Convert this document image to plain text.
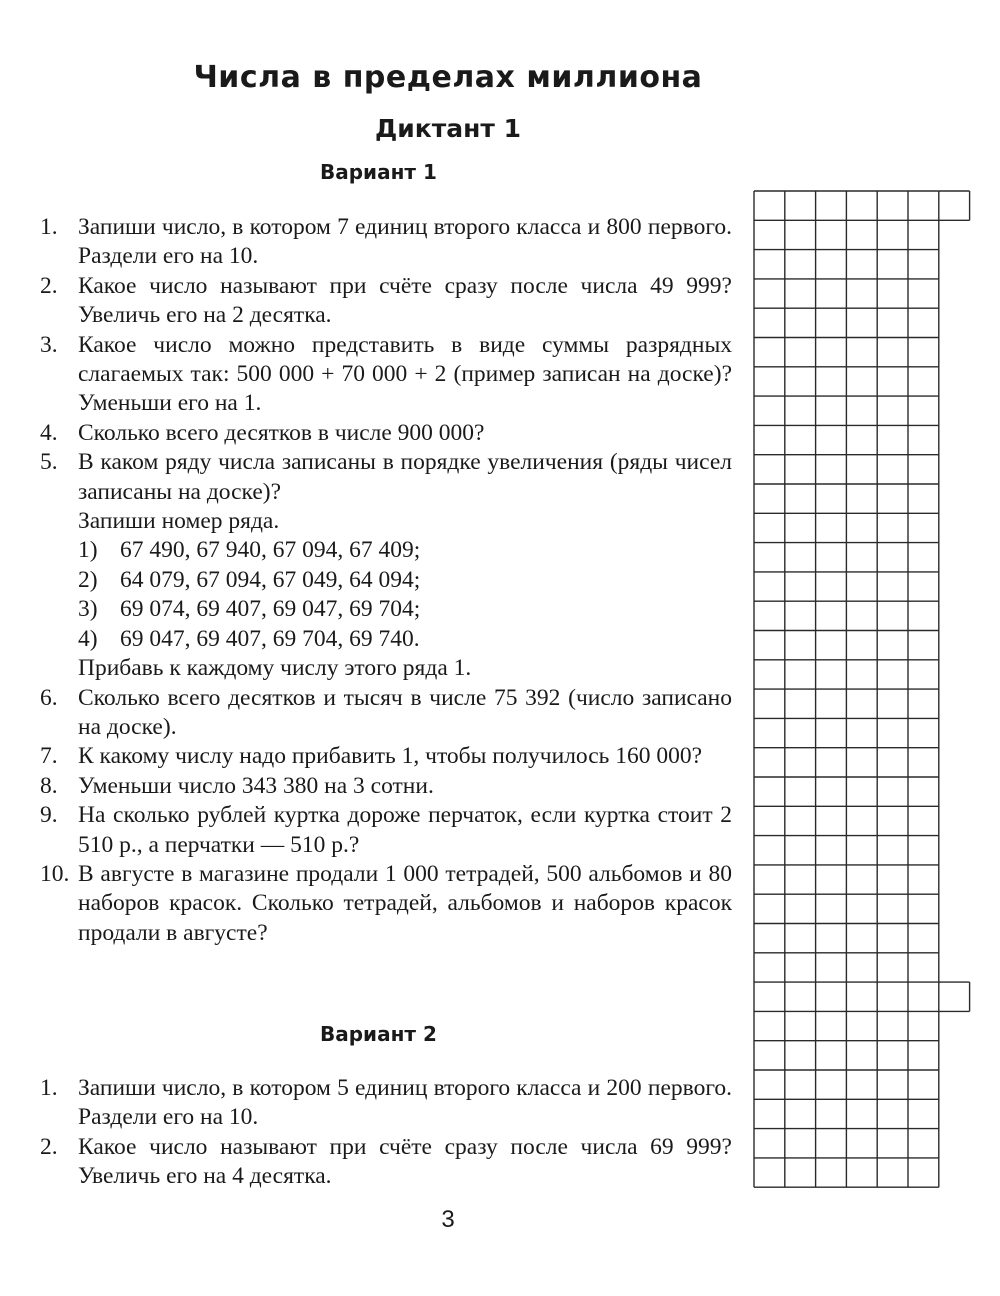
Числа в пределах миллиона
Диктант 1
Вариант 1
1. Запиши число, в котором 7 единиц второго класса и 800 первого. Раздели его на 10.
2. Какое число называют при счёте сразу после числа 49 999? Увеличь его на 2 десятка.
3. Какое число можно представить в виде суммы разрядных слагаемых так: 500 000 + 70 000 + 2 (пример записан на доске)? Уменьши его на 1.
4. Сколько всего десятков в числе 900 000?
5. В каком ряду числа записаны в порядке увеличения (ряды чисел записаны на доске)?
Запиши номер ряда.
1) 67 490, 67 940, 67 094, 67 409;
2) 64 079, 67 094, 67 049, 64 094;
3) 69 074, 69 407, 69 047, 69 704;
4) 69 047, 69 407, 69 704, 69 740.
Прибавь к каждому числу этого ряда 1.
6. Сколько всего десятков и тысяч в числе 75 392 (число записано на доске).
7. К какому числу надо прибавить 1, чтобы получилось 160 000?
8. Уменьши число 343 380 на 3 сотни.
9. На сколько рублей куртка дороже перчаток, если куртка стоит 2 510 р., а перчатки — 510 р.?
10. В августе в магазине продали 1 000 тетрадей, 500 альбомов и 80 наборов красок. Сколько тетрадей, альбомов и наборов красок продали в августе?
Вариант 2
1. Запиши число, в котором 5 единиц второго класса и 200 первого. Раздели его на 10.
2. Какое число называют при счёте сразу после числа 69 999? Увеличь его на 4 десятка.
3
